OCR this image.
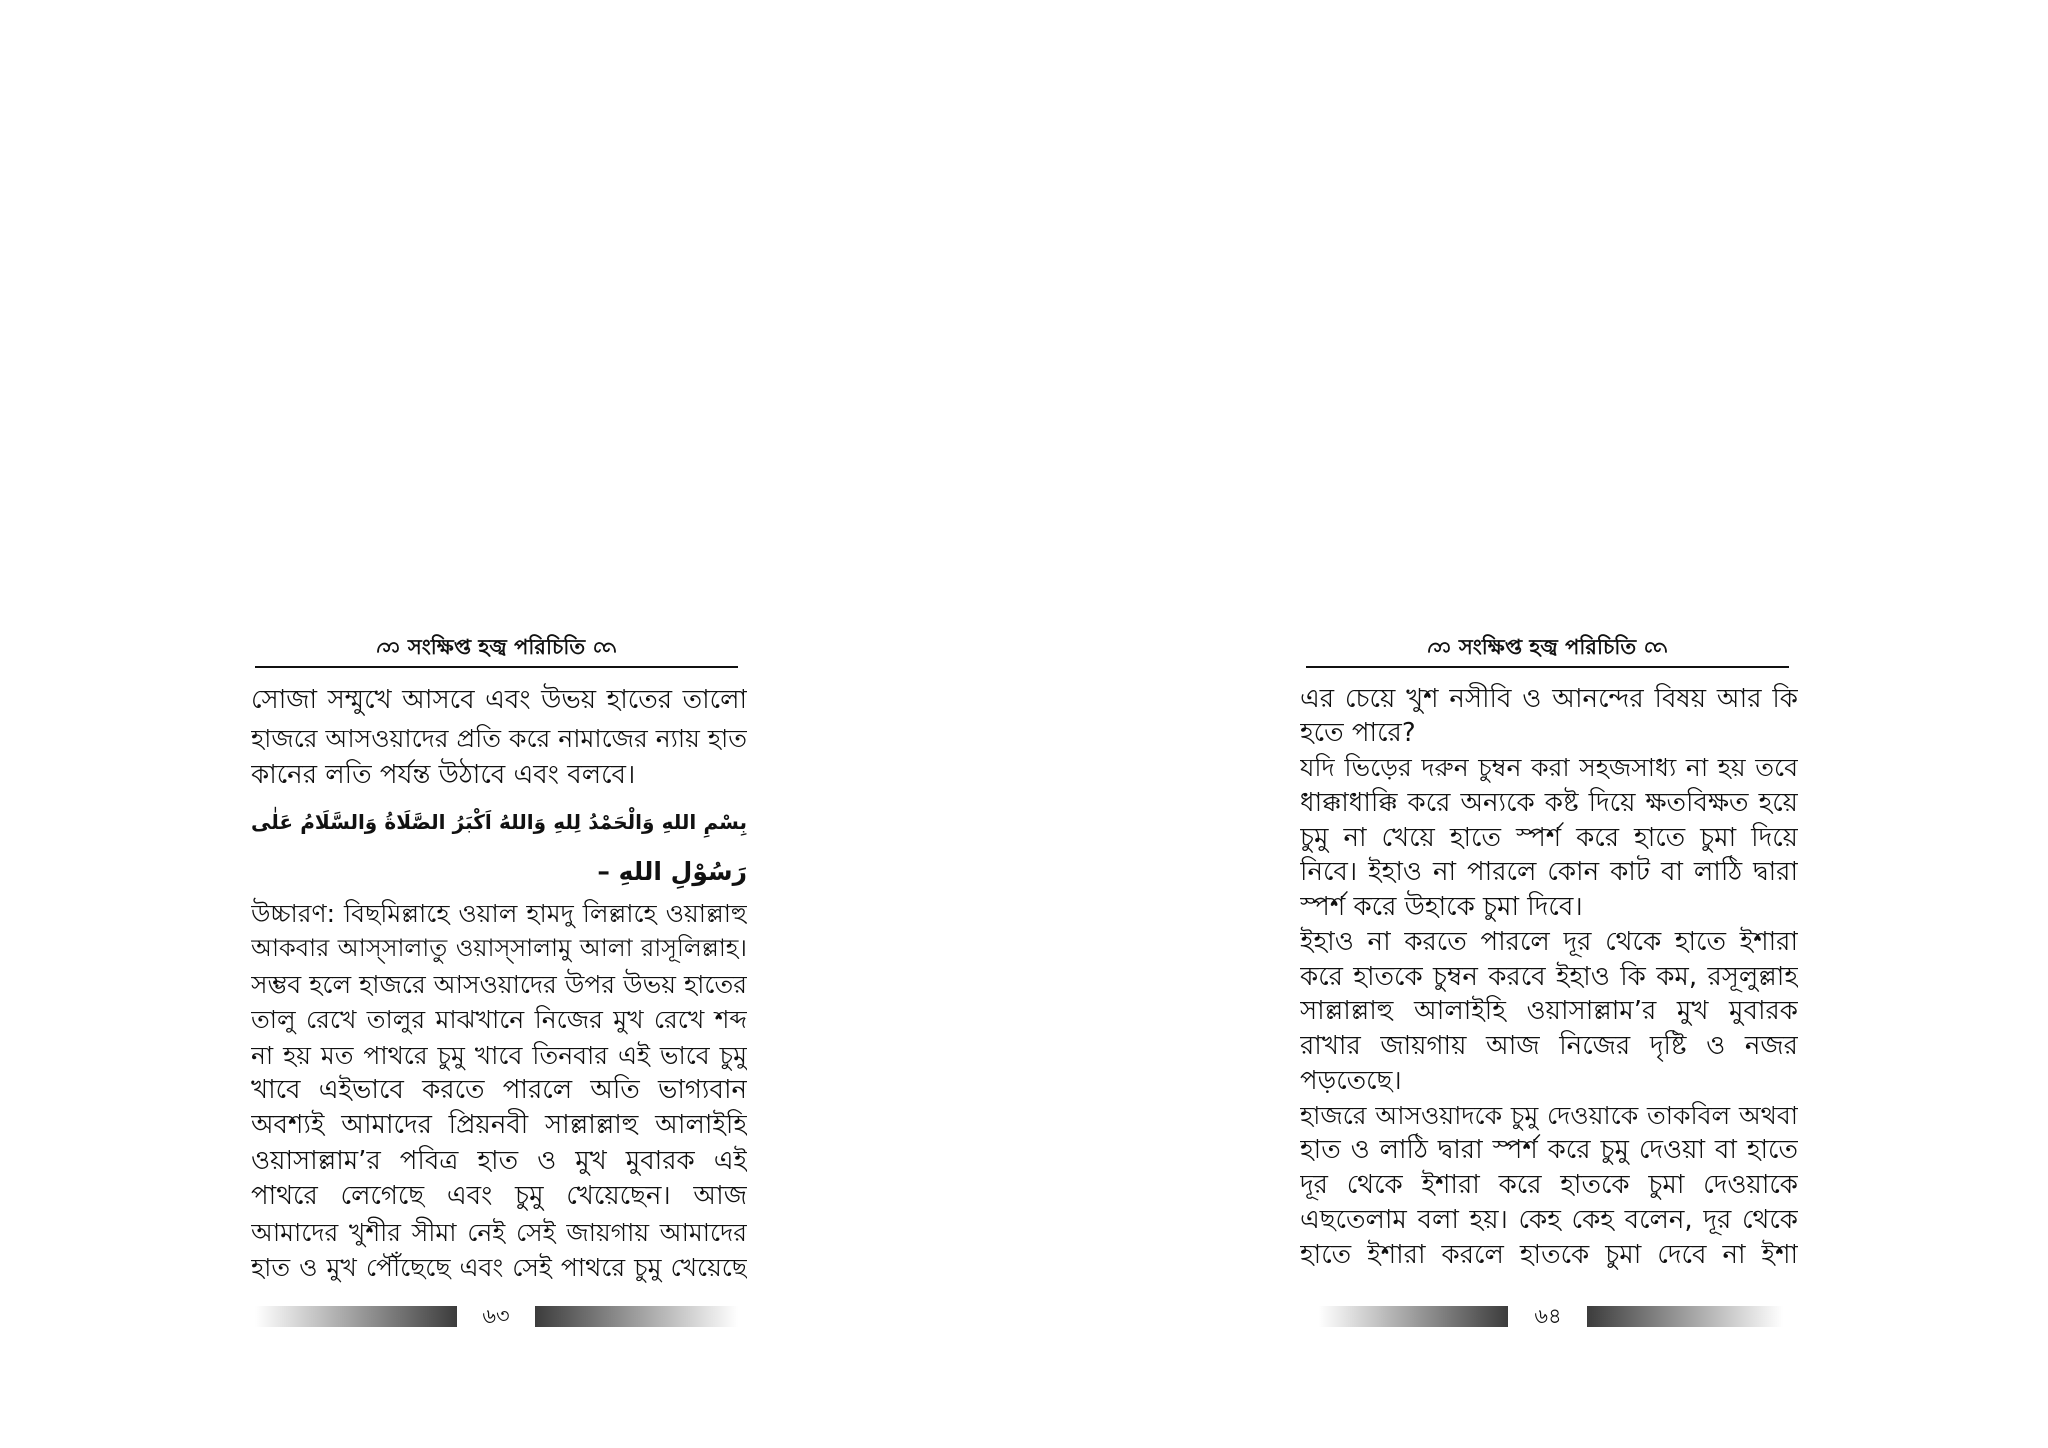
সংক্ষিপ্ত হজ্ব পরিচিতি
সোজা সম্মুখে আসবে এবং উভয় হাতের তালো
হাজরে আসওয়াদের প্রতি করে নামাজের ন্যায় হাত
কানের লতি পর্যন্ত উঠাবে এবং বলবে।
بِسْمِ اللهِ وَالْحَمْدُ لِلهِ وَاللهُ اَكْبَرُ الصَّلَاةُ وَالسَّلَامُ عَلٰى
رَسُوْلِ اللهِ –
উচ্চারণ: বিছমিল্লাহে ওয়াল হামদু লিল্লাহে ওয়াল্লাহু
আকবার আস্সালাতু ওয়াস্সালামু আলা রাসূলিল্লাহ।
সম্ভব হলে হাজরে আসওয়াদের উপর উভয় হাতের
তালু রেখে তালুর মাঝখানে নিজের মুখ রেখে শব্দ
না হয় মত পাথরে চুমু খাবে তিনবার এই ভাবে চুমু
খাবে এইভাবে করতে পারলে অতি ভাগ্যবান
অবশ্যই আমাদের প্রিয়নবী সাল্লাল্লাহু আলাইহি
ওয়াসাল্লাম’র পবিত্র হাত ও মুখ মুবারক এই
পাথরে লেগেছে এবং চুমু খেয়েছেন। আজ
আমাদের খুশীর সীমা নেই সেই জায়গায় আমাদের
হাত ও মুখ পৌঁছেছে এবং সেই পাথরে চুমু খেয়েছে
৬৩
সংক্ষিপ্ত হজ্ব পরিচিতি
এর চেয়ে খুশ নসীবি ও আনন্দের বিষয় আর কি
হতে পারে?
যদি ভিড়ের দরুন চুম্বন করা সহজসাধ্য না হয় তবে
ধাক্কাধাক্কি করে অন্যকে কষ্ট দিয়ে ক্ষতবিক্ষত হয়ে
চুমু না খেয়ে হাতে স্পর্শ করে হাতে চুমা দিয়ে
নিবে। ইহাও না পারলে কোন কাট বা লাঠি দ্বারা
স্পর্শ করে উহাকে চুমা দিবে।
ইহাও না করতে পারলে দূর থেকে হাতে ইশারা
করে হাতকে চুম্বন করবে ইহাও কি কম, রসূলুল্লাহ
সাল্লাল্লাহু আলাইহি ওয়াসাল্লাম’র মুখ মুবারক
রাখার জায়গায় আজ নিজের দৃষ্টি ও নজর
পড়তেছে।
হাজরে আসওয়াদকে চুমু দেওয়াকে তাকবিল অথবা
হাত ও লাঠি দ্বারা স্পর্শ করে চুমু দেওয়া বা হাতে
দূর থেকে ইশারা করে হাতকে চুমা দেওয়াকে
এছতেলাম বলা হয়। কেহ কেহ বলেন, দূর থেকে
হাতে ইশারা করলে হাতকে চুমা দেবে না ইশা
৬৪
